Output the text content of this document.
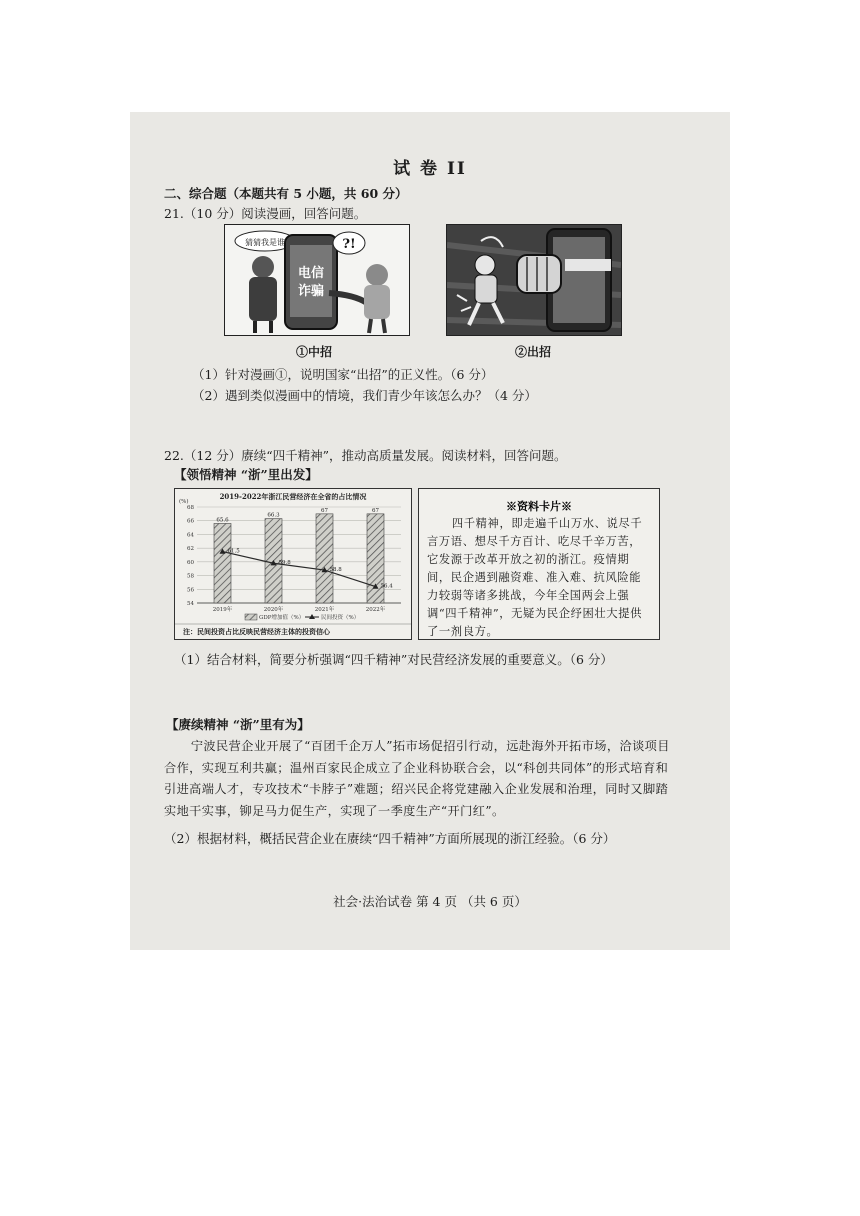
试 卷 II
二、综合题（本题共有 5 小题，共 60 分）
21.（10 分）阅读漫画，回答问题。
猜猜我是谁
电信
诈骗
?!
①中招	②出招
（1）针对漫画①，说明国家“出招”的正义性。（6 分）
（2）遇到类似漫画中的情境，我们青少年该怎么办？（4 分）
22.（12 分）赓续“四千精神”，推动高质量发展。阅读材料，回答问题。
【领悟精神 “浙”里出发】
2019-2022年浙江民营经济在全省的占比情况
(%)
54
56
58
60
62
64
66
68
65.6
2019年
66.3
2020年
67
2021年
67
2022年
61.5
59.8
58.8
56.4
GDP增加值（%）	民间投资（%）
注：民间投资占比反映民营经济主体的投资信心
※资料卡片※
四千精神，即走遍千山万水、说尽千言万语、想尽千方百计、吃尽千辛万苦，它发源于改革开放之初的浙江。疫情期间，民企遇到融资难、准入难、抗风险能力较弱等诸多挑战，今年全国两会上强调“四千精神”，无疑为民企纾困壮大提供了一剂良方。
（1）结合材料，简要分析强调“四千精神”对民营经济发展的重要意义。（6 分）
【赓续精神 “浙”里有为】
宁波民营企业开展了“百团千企万人”拓市场促招引行动，远赴海外开拓市场，洽谈项目合作，实现互利共赢；温州百家民企成立了企业科协联合会，以“科创共同体”的形式培育和引进高端人才，专攻技术“卡脖子”难题；绍兴民企将党建融入企业发展和治理，同时又脚踏实地干实事，铆足马力促生产，实现了一季度生产“开门红”。
（2）根据材料，概括民营企业在赓续“四千精神”方面所展现的浙江经验。（6 分）
社会·法治试卷 第 4 页 （共 6 页）
